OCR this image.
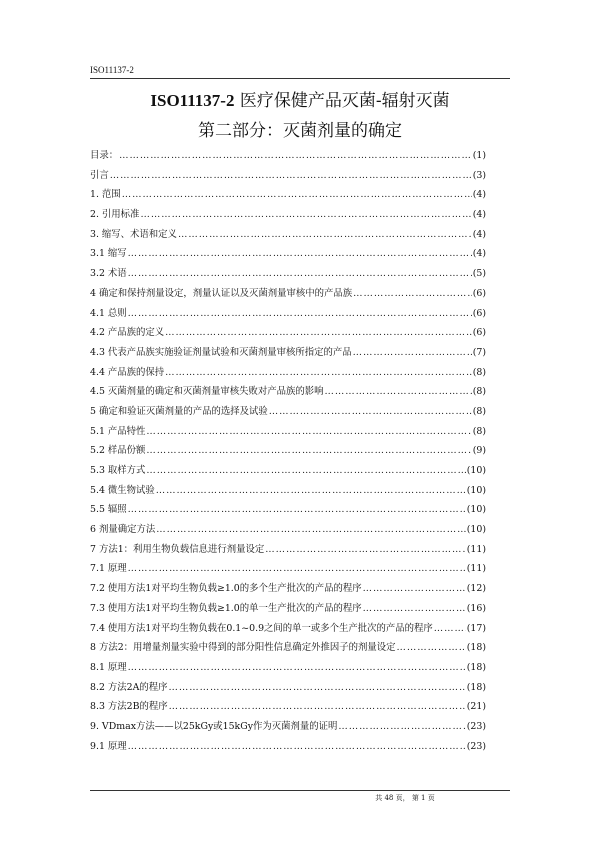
ISO11137-2
ISO11137-2 医疗保健产品灭菌-辐射灭菌
第二部分：灭菌剂量的确定
目录： …………………………………………………………………………………………………………………………………………………………………………………	(1)
引言 …………………………………………………………………………………………………………………………………………………………………………………	(3)
1. 范围 …………………………………………………………………………………………………………………………………………………………………………………	(4)
2. 引用标准 …………………………………………………………………………………………………………………………………………………………………………………	(4)
3. 缩写、术语和定义 …………………………………………………………………………………………………………………………………………………………………………………	(4)
3.1 缩写 …………………………………………………………………………………………………………………………………………………………………………………	(4)
3.2 术语 …………………………………………………………………………………………………………………………………………………………………………………	(5)
4 确定和保持剂量设定，剂量认证以及灭菌剂量审核中的产品族 …………………………………………………………………………………………………………………………………………………………………………………	(6)
4.1 总则 …………………………………………………………………………………………………………………………………………………………………………………	(6)
4.2 产品族的定义 …………………………………………………………………………………………………………………………………………………………………………………	(6)
4.3 代表产品族实施验证剂量试验和灭菌剂量审核所指定的产品 …………………………………………………………………………………………………………………………………………………………………………………	(7)
4.4 产品族的保持 …………………………………………………………………………………………………………………………………………………………………………………	(8)
4.5 灭菌剂量的确定和灭菌剂量审核失败对产品族的影响 …………………………………………………………………………………………………………………………………………………………………………………	(8)
5 确定和验证灭菌剂量的产品的选择及试验 …………………………………………………………………………………………………………………………………………………………………………………	(8)
5.1 产品特性 …………………………………………………………………………………………………………………………………………………………………………………	(8)
5.2 样品份额 …………………………………………………………………………………………………………………………………………………………………………………	(9)
5.3 取样方式 …………………………………………………………………………………………………………………………………………………………………………………	(10)
5.4 微生物试验 …………………………………………………………………………………………………………………………………………………………………………………	(10)
5.5 辐照 …………………………………………………………………………………………………………………………………………………………………………………	(10)
6 剂量确定方法 …………………………………………………………………………………………………………………………………………………………………………………	(10)
7 方法1：利用生物负载信息进行剂量设定 …………………………………………………………………………………………………………………………………………………………………………………	(11)
7.1 原理 …………………………………………………………………………………………………………………………………………………………………………………	(11)
7.2 使用方法1对平均生物负载≥1.0的多个生产批次的产品的程序 …………………………………………………………………………………………………………………………………………………………………………………	(12)
7.3 使用方法1对平均生物负载≥1.0的单一生产批次的产品的程序 …………………………………………………………………………………………………………………………………………………………………………………	(16)
7.4 使用方法1对平均生物负载在0.1~0.9之间的单一或多个生产批次的产品的程序 …………………………………………………………………………………………………………………………………………………………………………………	(17)
8 方法2：用增量剂量实验中得到的部分阳性信息确定外推因子的剂量设定 …………………………………………………………………………………………………………………………………………………………………………………	(18)
8.1 原理 …………………………………………………………………………………………………………………………………………………………………………………	(18)
8.2 方法2A的程序 …………………………………………………………………………………………………………………………………………………………………………………	(18)
8.3 方法2B的程序 …………………………………………………………………………………………………………………………………………………………………………………	(21)
9. VDmax方法——以25kGy或15kGy作为灭菌剂量的证明 …………………………………………………………………………………………………………………………………………………………………………………	(23)
9.1 原理 …………………………………………………………………………………………………………………………………………………………………………………	(23)
共 48 页， 第 1 页
